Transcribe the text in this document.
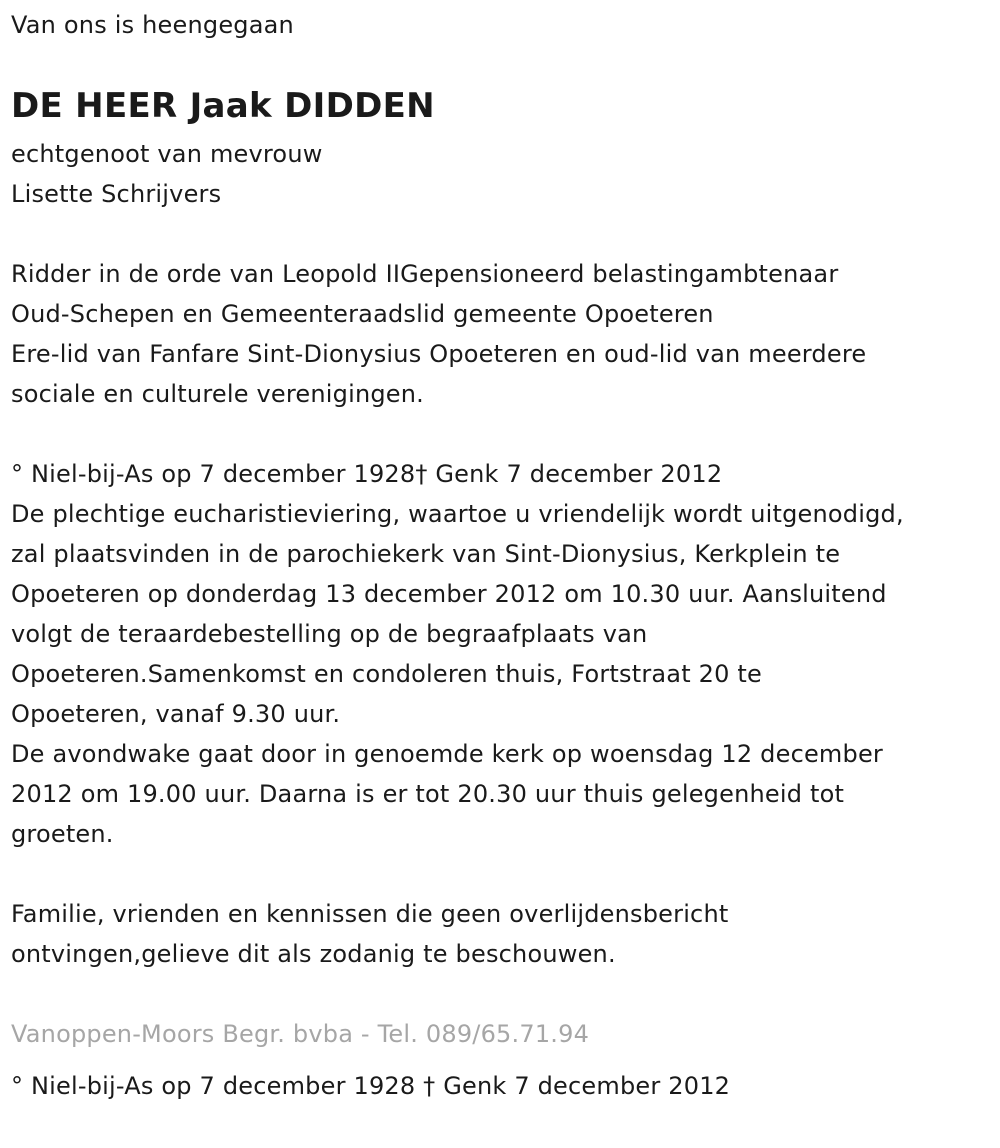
Van ons is heengegaan
DE HEER Jaak DIDDEN
echtgenoot van mevrouw
Lisette Schrijvers
Ridder in de orde van Leopold IIGepensioneerd belastingambtenaar
Oud-Schepen en Gemeenteraadslid gemeente Opoeteren
Ere-lid van Fanfare Sint-Dionysius Opoeteren en oud-lid van meerdere
sociale en culturele verenigingen.
° Niel-bij-As op 7 december 1928† Genk 7 december 2012
De plechtige eucharistieviering, waartoe u vriendelijk wordt uitgenodigd,
zal plaatsvinden in de parochiekerk van Sint-Dionysius, Kerkplein te
Opoeteren op donderdag 13 december 2012 om 10.30 uur. Aansluitend
volgt de teraardebestelling op de begraafplaats van
Opoeteren.Samenkomst en condoleren thuis, Fortstraat 20 te
Opoeteren, vanaf 9.30 uur.
De avondwake gaat door in genoemde kerk op woensdag 12 december
2012 om 19.00 uur. Daarna is er tot 20.30 uur thuis gelegenheid tot
groeten.
Familie, vrienden en kennissen die geen overlijdensbericht
ontvingen,gelieve dit als zodanig te beschouwen.
Vanoppen-Moors Begr. bvba - Tel. 089/65.71.94
° Niel-bij-As op 7 december 1928 † Genk 7 december 2012
